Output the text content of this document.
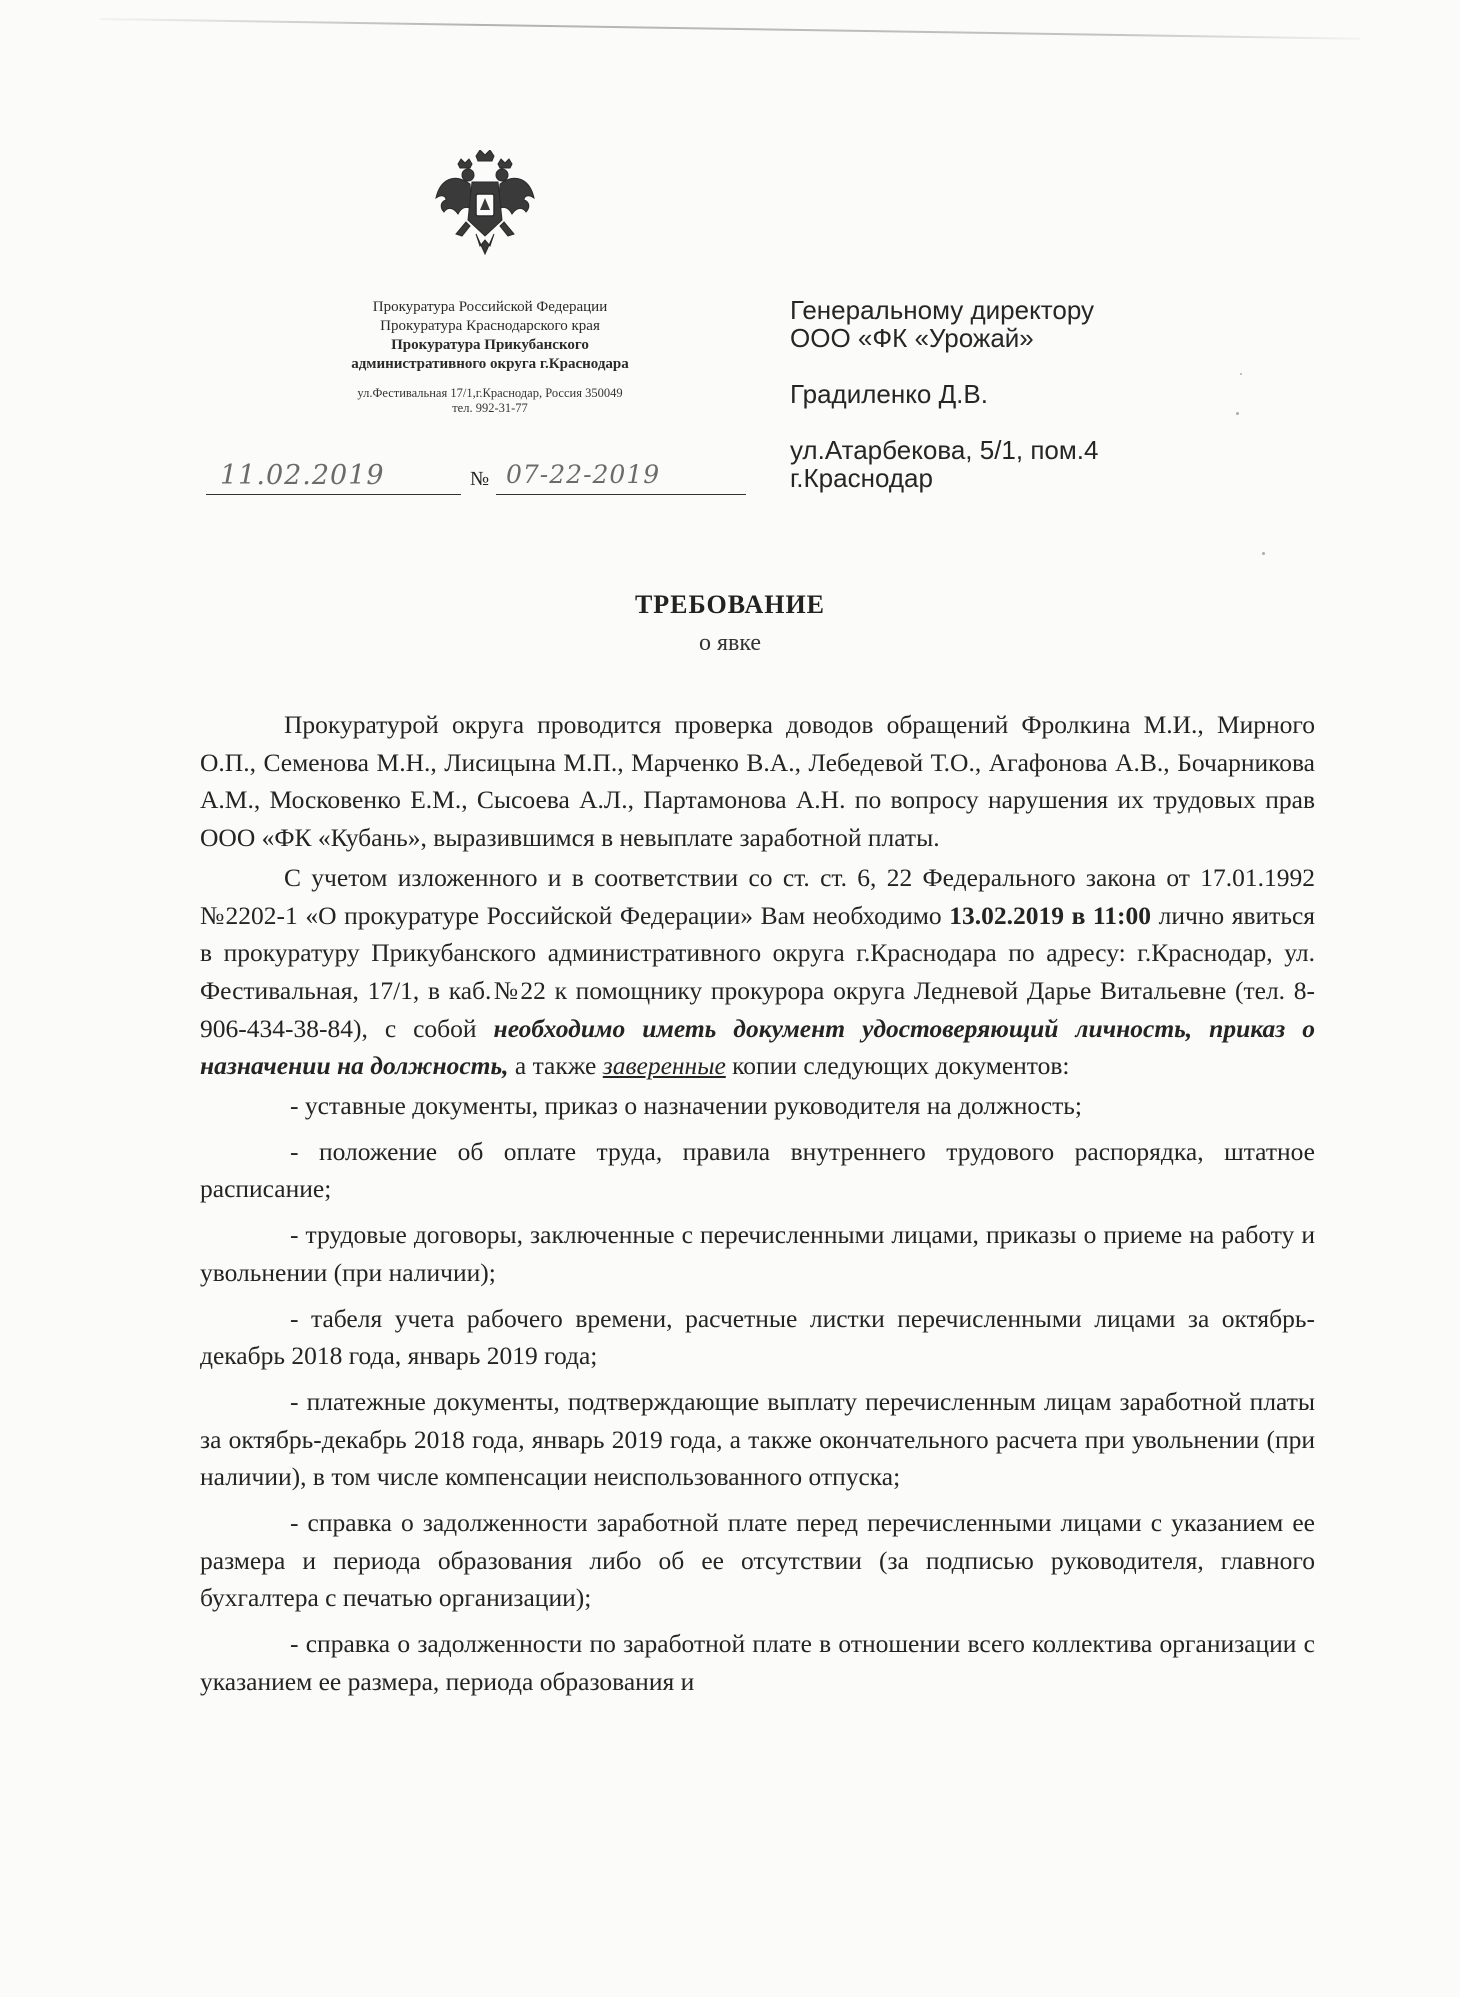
Прокуратура Российской Федерации
Прокуратура Краснодарского края
Прокуратура Прикубанского
административного округа г.Краснодара
ул.Фестивальная 17/1,г.Краснодар, Россия 350049
тел. 992-31-77
11.02.2019	№ 07-22-2019
Генеральному директору
ООО «ФК «Урожай»
Градиленко Д.В.
ул.Атарбекова, 5/1, пом.4
г.Краснодар
ТРЕБОВАНИЕ
о явке

Прокуратурой округа проводится проверка доводов обращений Фролкина М.И., Мирного О.П., Семенова М.Н., Лисицына М.П., Марченко В.А., Лебедевой Т.О., Агафонова А.В., Бочарникова А.М., Московенко Е.М., Сысоева А.Л., Партамонова А.Н. по вопросу нарушения их трудовых прав ООО «ФК «Кубань», выразившимся в невыплате заработной платы.

С учетом изложенного и в соответствии со ст. ст. 6, 22 Федерального закона от 17.01.1992 №2202-1 «О прокуратуре Российской Федерации» Вам необходимо 13.02.2019 в 11:00 лично явиться в прокуратуру Прикубанского административного округа г.Краснодара по адресу: г.Краснодар, ул. Фестивальная, 17/1, в каб.№22 к помощнику прокурора округа Ледневой Дарье Витальевне (тел. 8-906-434-38-84), с собой необходимо иметь документ удостоверяющий личность, приказ о назначении на должность, а также заверенные копии следующих документов:

- уставные документы, приказ о назначении руководителя на должность;

- положение об оплате труда, правила внутреннего трудового распорядка, штатное расписание;

- трудовые договоры, заключенные с перечисленными лицами, приказы о приеме на работу и увольнении (при наличии);

- табеля учета рабочего времени, расчетные листки перечисленными лицами за октябрь-декабрь 2018 года, январь 2019 года;

- платежные документы, подтверждающие выплату перечисленным лицам заработной платы за октябрь-декабрь 2018 года, январь 2019 года, а также окончательного расчета при увольнении (при наличии), в том числе компенсации неиспользованного отпуска;

- справка о задолженности заработной плате перед перечисленными лицами с указанием ее размера и периода образования либо об ее отсутствии (за подписью руководителя, главного бухгалтера с печатью организации);

- справка о задолженности по заработной плате в отношении всего коллектива организации с указанием ее размера, периода образования и
